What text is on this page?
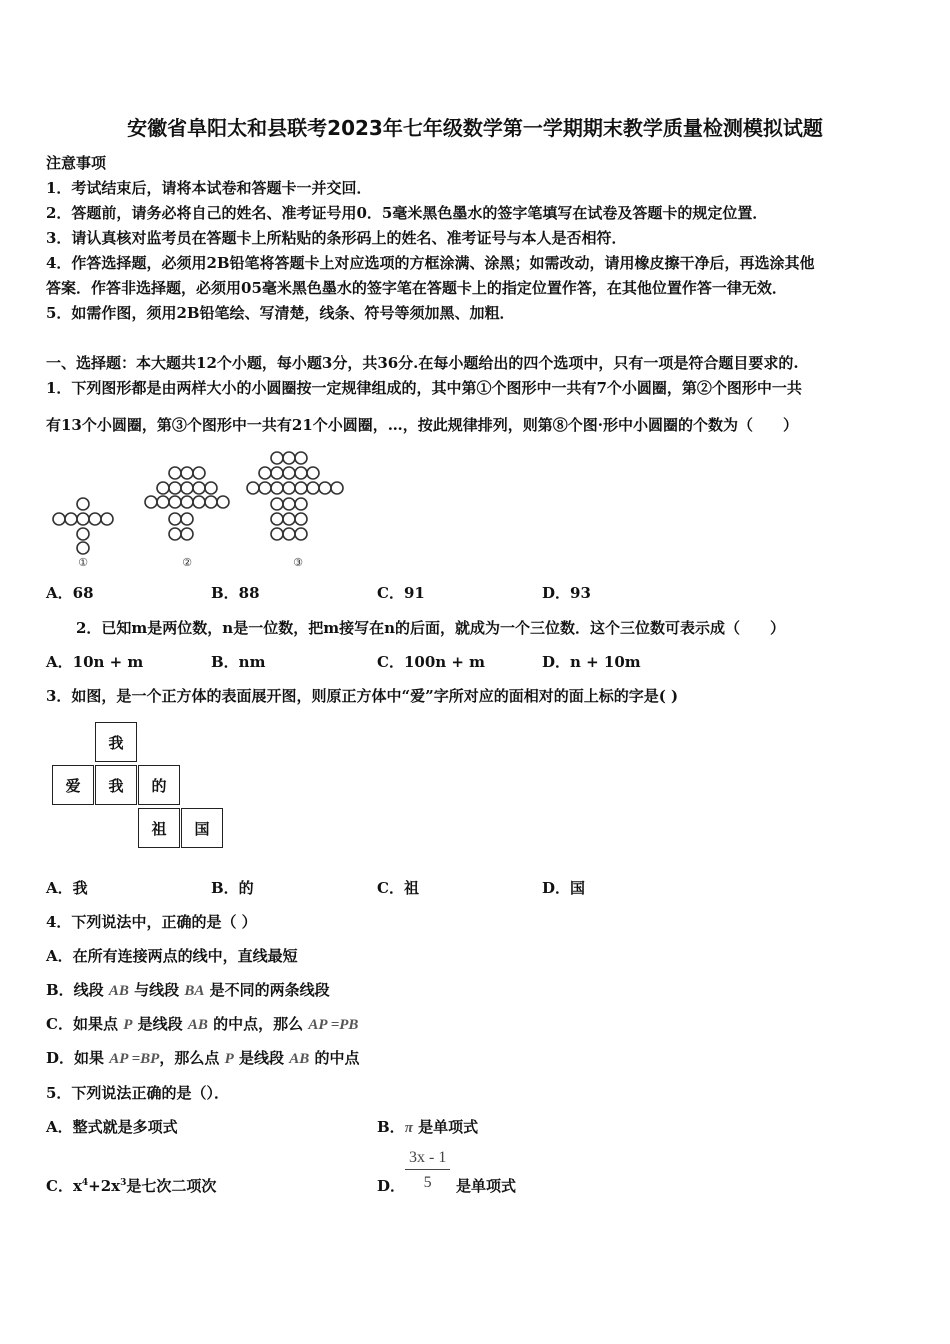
安徽省阜阳太和县联考2023年七年级数学第一学期期末教学质量检测模拟试题
注意事项
1．考试结束后，请将本试卷和答题卡一并交回．
2．答题前，请务必将自己的姓名、准考证号用0．5毫米黑色墨水的签字笔填写在试卷及答题卡的规定位置．
3．请认真核对监考员在答题卡上所粘贴的条形码上的姓名、准考证号与本人是否相符．
4．作答选择题，必须用2B铅笔将答题卡上对应选项的方框涂满、涂黑；如需改动，请用橡皮擦干净后，再选涂其他
答案．作答非选择题，必须用05毫米黑色墨水的签字笔在答题卡上的指定位置作答，在其他位置作答一律无效．
5．如需作图，须用2B铅笔绘、写清楚，线条、符号等须加黑、加粗．
一、选择题：本大题共12个小题，每小题3分，共36分.在每小题给出的四个选项中，只有一项是符合题目要求的.
1．下列图形都是由两样大小的小圆圈按一定规律组成的，其中第①个图形中一共有7个小圆圈，第②个图形中一共
有13个小圆圈，第③个图形中一共有21个小圆圈，…，按此规律排列，则第⑧个图·形中小圆圈的个数为（　　）
①	②	③
A．68	B．88	C．91	D．93
2．已知m是两位数，n是一位数，把m接写在n的后面，就成为一个三位数．这个三位数可表示成（　　）
A．10n + m	B．nm	C．100n + m	D．n + 10m
3．如图，是一个正方体的表面展开图，则原正方体中“爱”字所对应的面相对的面上标的字是( )
我
爱	我	的
祖	国
A．我	B．的	C．祖	D．国
4．下列说法中，正确的是（ ）
A．在所有连接两点的线中，直线最短
B．线段 AB 与线段 BA 是不同的两条线段
C．如果点 P 是线段 AB 的中点，那么 AP =PB
D．如果 AP =BP，那么点 P 是线段 AB 的中点
5．下列说法正确的是（）．
A．整式就是多项式	B．π 是单项式
C．$x^4+2x^3$是七次二项次	D． $\frac{3x - 1}{5}$ 是单项式
